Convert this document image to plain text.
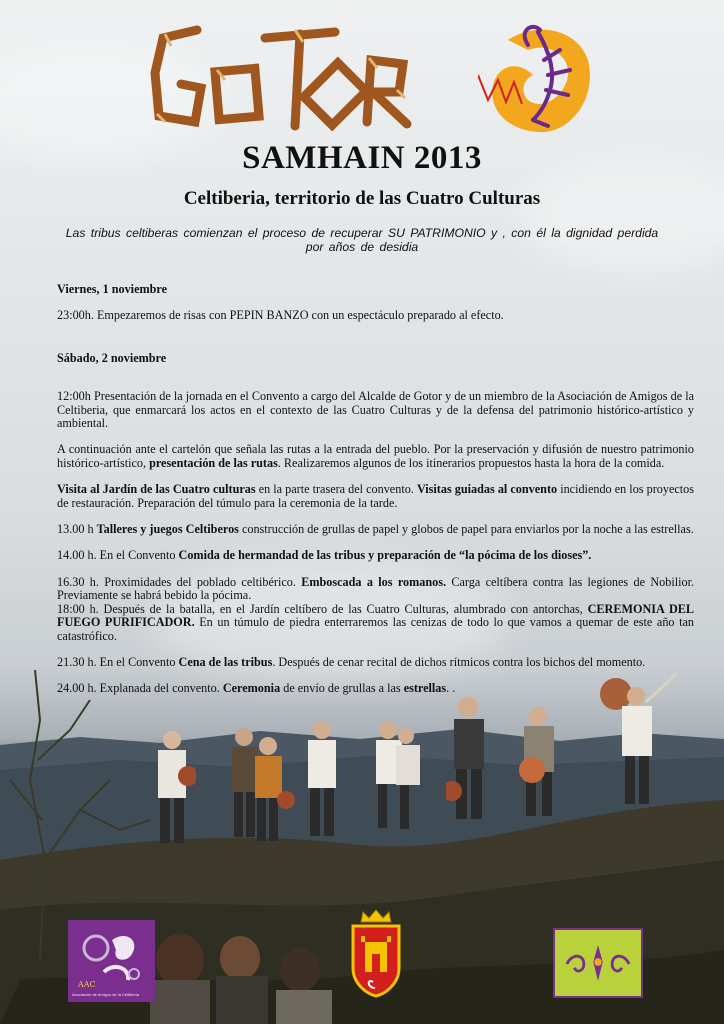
GoToR
SAMHAIN 2013
Celtiberia, territorio de las Cuatro Culturas
Las tribus celtiberas comienzan el proceso de recuperar SU PATRIMONIO y , con él la dignidad perdida por años de desidia

Viernes, 1 noviembre

23:00h. Empezaremos de risas con PEPIN BANZO con un espectáculo preparado al efecto.

Sábado, 2 noviembre

12:00h Presentación de la jornada en el Convento a cargo del Alcalde de Gotor y de un miembro de la Asociación de Amigos de la Celtiberia, que enmarcará los actos en el contexto de las Cuatro Culturas y de la defensa del patrimonio histórico-artístico y ambiental.

A continuación ante el cartelón que señala las rutas a la entrada del pueblo. Por la preservación y difusión de nuestro patrimonio histórico-artístico, presentación de las rutas. Realizaremos algunos de los itinerarios propuestos hasta la hora de la comida.

Visita al Jardín de las Cuatro culturas en la parte trasera del convento. Visitas guiadas al convento incidiendo en los proyectos de restauración. Preparación del túmulo para la ceremonia de la tarde.

13.00 h Talleres y juegos Celtiberos construcción de grullas de papel y globos de papel para enviarlos por la noche a las estrellas.

14.00 h. En el Convento Comida de hermandad de las tribus y preparación de “la pócima de los dioses”.

16.30 h. Proximidades del poblado celtibérico. Emboscada a los romanos. Carga celtíbera contra las legiones de Nobilior. Previamente se habrá bebido la pócima.

18:00 h. Después de la batalla, en el Jardín celtíbero de las Cuatro Culturas, alumbrado con antorchas, CEREMONIA DEL FUEGO PURIFICADOR. En un túmulo de piedra enterraremos las cenizas de todo lo que vamos a quemar de este año tan catastrófico.

21.30 h. En el Convento Cena de las tribus. Después de cenar recital de dichos rítmicos contra los bichos del momento.

24.00 h. Explanada del convento. Ceremonia de envío de grullas a las estrellas. .

AAC
Asociación de Amigos de la Celtiberia
Ayuntamiento de Gotor
